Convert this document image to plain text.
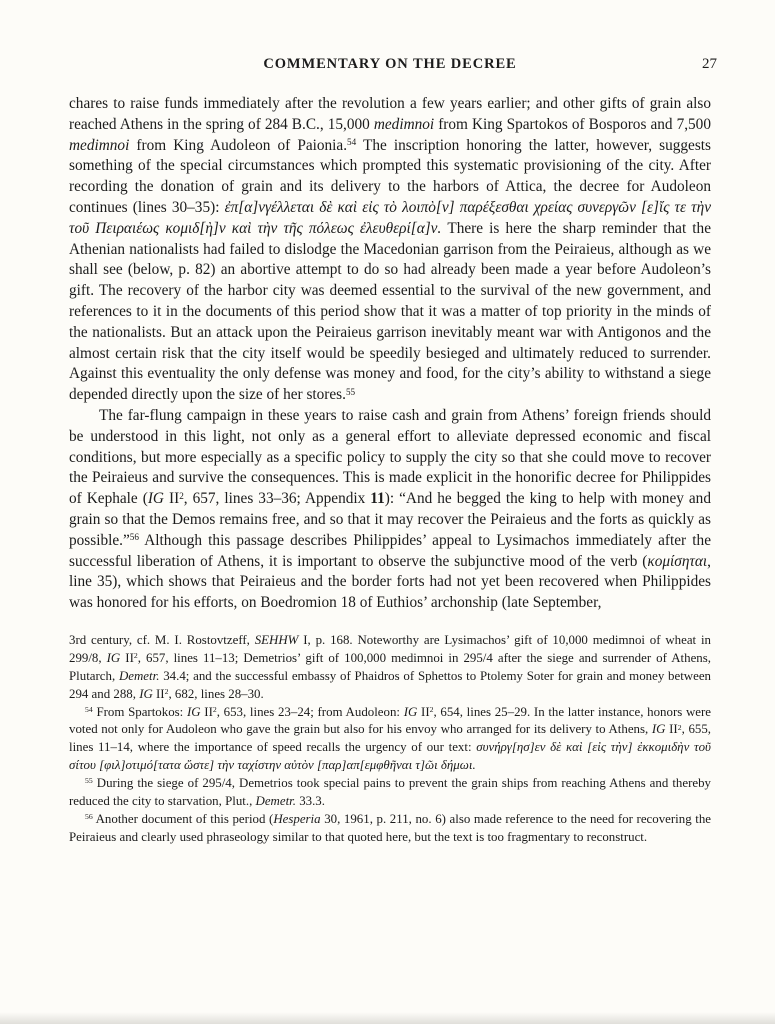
COMMENTARY ON THE DECREE	27

chares to raise funds immediately after the revolution a few years earlier; and other gifts of grain also reached Athens in the spring of 284 B.C., 15,000 medimnoi from King Spartokos of Bosporos and 7,500 medimnoi from King Audoleon of Paionia.$^{54}$ The inscription honoring the latter, however, suggests something of the special circumstances which prompted this systematic provisioning of the city. After recording the donation of grain and its delivery to the harbors of Attica, the decree for Audoleon continues (lines 30–35): ἐπ[α]νγέλλεται δὲ καὶ εἰς τὸ λοιπὸ[ν] παρέξεσθαι χρείας συνεργῶν [ε]ἴς τε τὴν τοῦ Πειραιέως κομιδ[ὴ]ν καὶ τὴν τῆς πόλεως ἐλευθερί[α]ν. There is here the sharp reminder that the Athenian nationalists had failed to dislodge the Macedonian garrison from the Peiraieus, although as we shall see (below, p. 82) an abortive attempt to do so had already been made a year before Audoleon’s gift. The recovery of the harbor city was deemed essential to the survival of the new government, and references to it in the documents of this period show that it was a matter of top priority in the minds of the nationalists. But an attack upon the Peiraieus garrison inevitably meant war with Antigonos and the almost certain risk that the city itself would be speedily besieged and ultimately reduced to surrender. Against this eventuality the only defense was money and food, for the city’s ability to withstand a siege depended directly upon the size of her stores.$^{55}$

The far-flung campaign in these years to raise cash and grain from Athens’ foreign friends should be understood in this light, not only as a general effort to alleviate depressed economic and fiscal conditions, but more especially as a specific policy to supply the city so that she could move to recover the Peiraieus and survive the consequences. This is made explicit in the honorific decree for Philippides of Kephale (IG $II^2$, 657, lines 33–36; Appendix 11): “And he begged the king to help with money and grain so that the Demos remains free, and so that it may recover the Peiraieus and the forts as quickly as possible.”$^{56}$ Although this passage describes Philippides’ appeal to Lysimachos immediately after the successful liberation of Athens, it is important to observe the subjunctive mood of the verb (κομίσηται, line 35), which shows that Peiraieus and the border forts had not yet been recovered when Philippides was honored for his efforts, on Boedromion 18 of Euthios’ archonship (late September,

3rd century, cf. M. I. Rostovtzeff, SEHHW I, p. 168. Noteworthy are Lysimachos’ gift of 10,000 medimnoi of wheat in 299/8, IG $II^2$, 657, lines 11–13; Demetrios’ gift of 100,000 medimnoi in 295/4 after the siege and surrender of Athens, Plutarch, Demetr. 34.4; and the successful embassy of Phaidros of Sphettos to Ptolemy Soter for grain and money between 294 and 288, IG $II^2$, 682, lines 28–30.

$^{54}$ From Spartokos: IG $II^2$, 653, lines 23–24; from Audoleon: IG $II^2$, 654, lines 25–29. In the latter instance, honors were voted not only for Audoleon who gave the grain but also for his envoy who arranged for its delivery to Athens, IG $II^2$, 655, lines 11–14, where the importance of speed recalls the urgency of our text: συνήργ[ησ]εν δὲ καὶ [εἰς τὴν] ἐκκομιδὴν τοῦ σίτου [φιλ]οτιμό[τατα ὥστε] τὴν ταχίστην αὐτὸν [παρ]απ[εμφθῆναι τ]ῶι δήμωι.

$^{55}$ During the siege of 295/4, Demetrios took special pains to prevent the grain ships from reaching Athens and thereby reduced the city to starvation, Plut., Demetr. 33.3.

$^{56}$ Another document of this period (Hesperia 30, 1961, p. 211, no. 6) also made reference to the need for recovering the Peiraieus and clearly used phraseology similar to that quoted here, but the text is too fragmentary to reconstruct.
